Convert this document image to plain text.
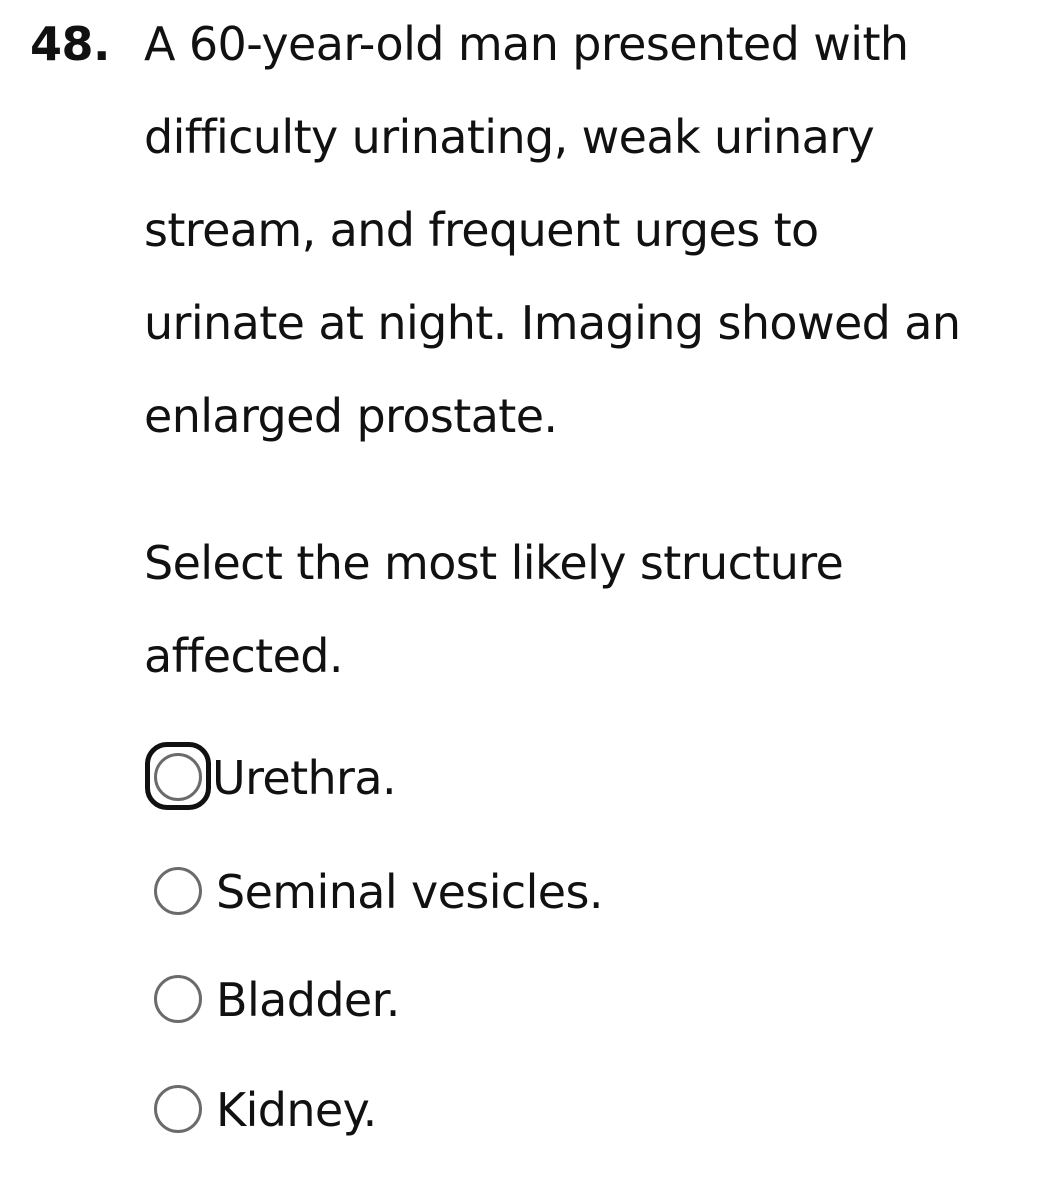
48. A 60-year-old man presented with

difficulty urinating, weak urinary

stream, and frequent urges to

urinate at night. Imaging showed an

enlarged prostate.

Select the most likely structure

affected.

Urethra.
Seminal vesicles.
Bladder.
Kidney.
